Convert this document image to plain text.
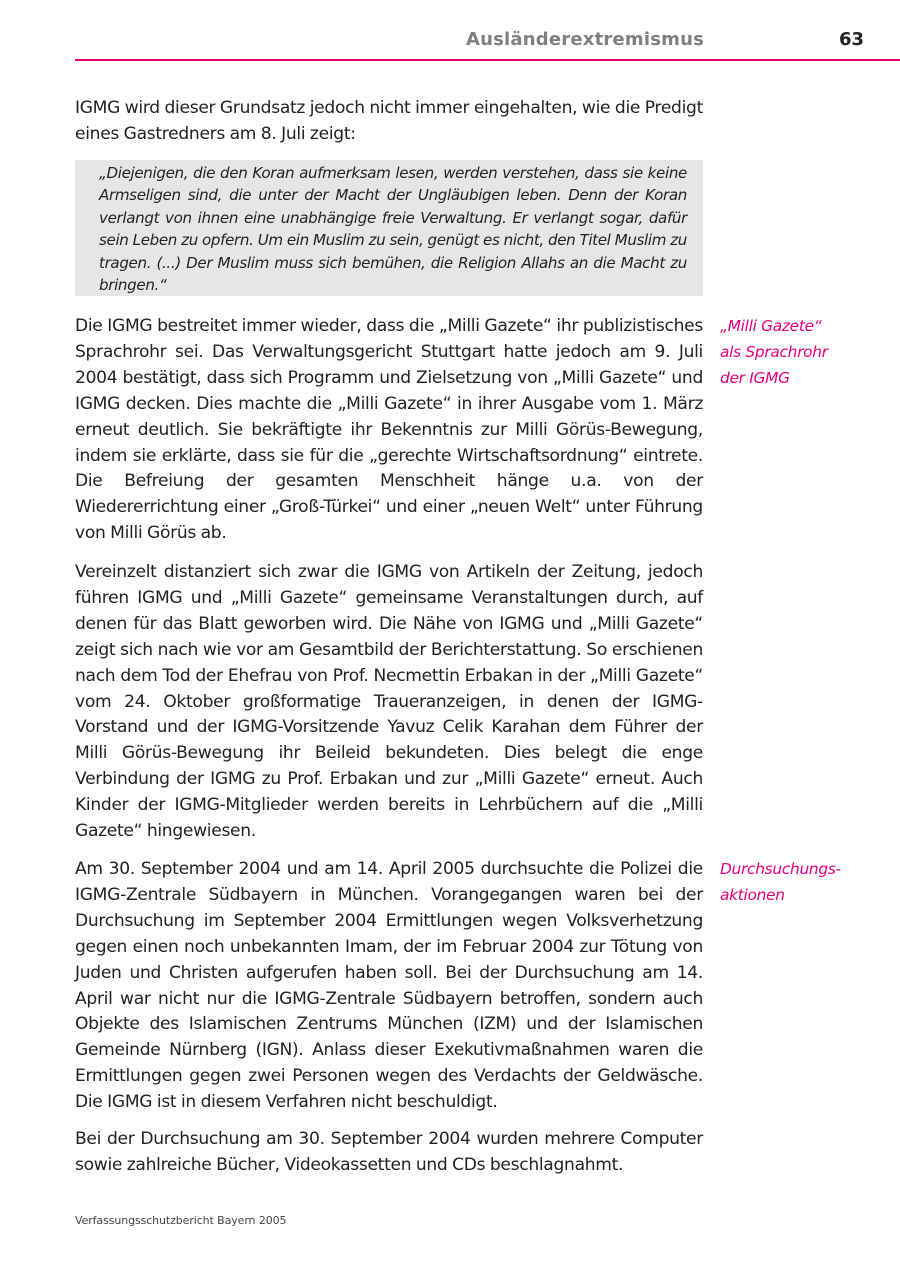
Ausländerextremismus	63

IGMG wird dieser Grundsatz jedoch nicht immer eingehalten, wie die Predigt eines Gastredners am 8. Juli zeigt:

„Diejenigen, die den Koran aufmerksam lesen, werden verstehen, dass sie keine Armseligen sind, die unter der Macht der Ungläubigen leben. Denn der Koran verlangt von ihnen eine unabhängige freie Verwaltung. Er verlangt sogar, dafür sein Leben zu opfern. Um ein Muslim zu sein, genügt es nicht, den Titel Muslim zu tragen. (...) Der Muslim muss sich bemühen, die Religion Allahs an die Macht zu bringen.“

Die IGMG bestreitet immer wieder, dass die „Milli Gazete“ ihr publizistisches Sprachrohr sei. Das Verwaltungsgericht Stuttgart hatte jedoch am 9. Juli 2004 bestätigt, dass sich Programm und Zielsetzung von „Milli Gazete“ und IGMG decken. Dies machte die „Milli Gazete“ in ihrer Ausgabe vom 1. März erneut deutlich. Sie bekräftigte ihr Bekenntnis zur Milli Görüs-Bewegung, indem sie erklärte, dass sie für die „gerechte Wirtschaftsordnung“ eintrete. Die Befreiung der gesamten Menschheit hänge u.a. von der Wiedererrichtung einer „Groß-Türkei“ und einer „neuen Welt“ unter Führung von Milli Görüs ab.

„Milli Gazete“ als Sprachrohr der IGMG

Vereinzelt distanziert sich zwar die IGMG von Artikeln der Zeitung, jedoch führen IGMG und „Milli Gazete“ gemeinsame Veranstaltungen durch, auf denen für das Blatt geworben wird. Die Nähe von IGMG und „Milli Gazete“ zeigt sich nach wie vor am Gesamtbild der Berichterstattung. So erschienen nach dem Tod der Ehefrau von Prof. Necmettin Erbakan in der „Milli Gazete“ vom 24. Oktober großformatige Traueranzeigen, in denen der IGMG-Vorstand und der IGMG-Vorsitzende Yavuz Celik Karahan dem Führer der Milli Görüs-Bewegung ihr Beileid bekundeten. Dies belegt die enge Verbindung der IGMG zu Prof. Erbakan und zur „Milli Gazete“ erneut. Auch Kinder der IGMG-Mitglieder werden bereits in Lehrbüchern auf die „Milli Gazete“ hingewiesen.

Am 30. September 2004 und am 14. April 2005 durchsuchte die Polizei die IGMG-Zentrale Südbayern in München. Vorangegangen waren bei der Durchsuchung im September 2004 Ermittlungen wegen Volksverhetzung gegen einen noch unbekannten Imam, der im Februar 2004 zur Tötung von Juden und Christen aufgerufen haben soll. Bei der Durchsuchung am 14. April war nicht nur die IGMG-Zentrale Südbayern betroffen, sondern auch Objekte des Islamischen Zentrums München (IZM) und der Islamischen Gemeinde Nürnberg (IGN). Anlass dieser Exekutivmaßnahmen waren die Ermittlungen gegen zwei Personen wegen des Verdachts der Geldwäsche. Die IGMG ist in diesem Verfahren nicht beschuldigt.

Durchsuchungsaktionen

Bei der Durchsuchung am 30. September 2004 wurden mehrere Computer sowie zahlreiche Bücher, Videokassetten und CDs beschlagnahmt.

Verfassungsschutzbericht Bayern 2005
